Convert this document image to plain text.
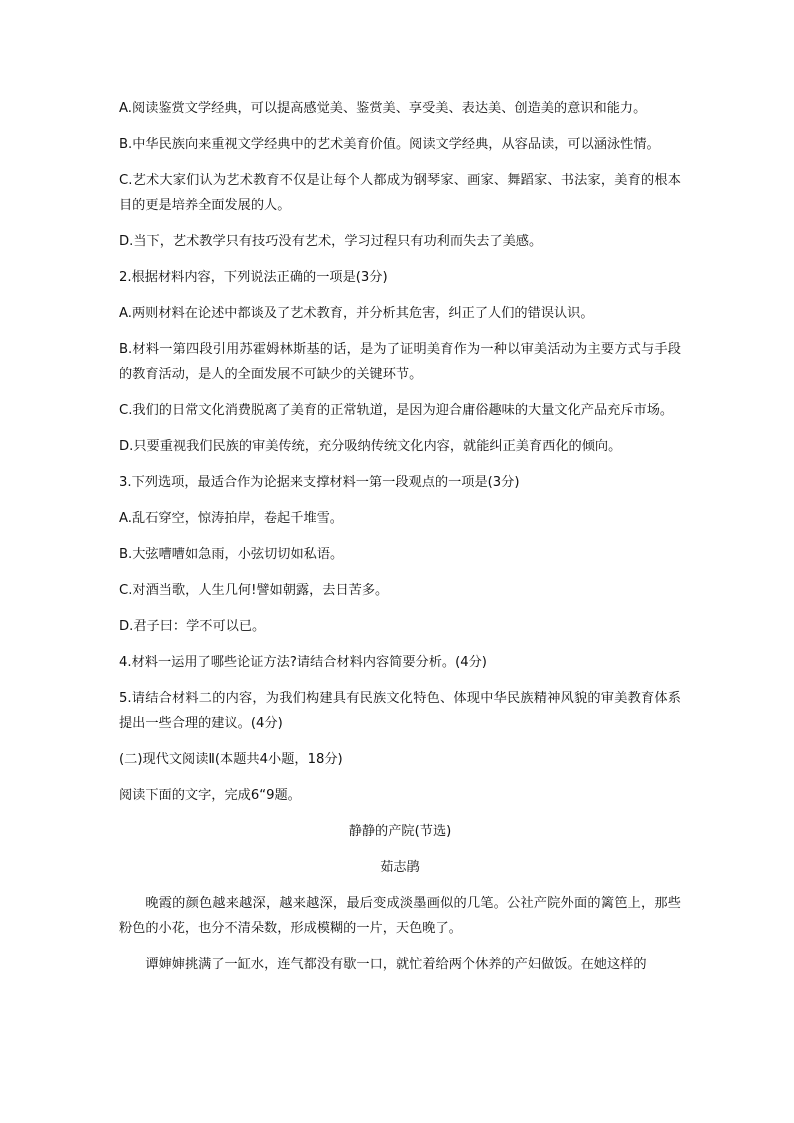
A.阅读鉴赏文学经典，可以提高感觉美、鉴赏美、享受美、表达美、创造美的意识和能力。

B.中华民族向来重视文学经典中的艺术美育价值。阅读文学经典，从容品读，可以涵泳性情。

C.艺术大家们认为艺术教育不仅是让每个人都成为钢琴家、画家、舞蹈家、书法家，美育的根本目的更是培养全面发展的人。

D.当下，艺术教学只有技巧没有艺术，学习过程只有功利而失去了美感。

2.根据材料内容，下列说法正确的一项是(3分)

A.两则材料在论述中都谈及了艺术教育，并分析其危害，纠正了人们的错误认识。

B.材料一第四段引用苏霍姆林斯基的话，是为了证明美育作为一种以审美活动为主要方式与手段的教育活动，是人的全面发展不可缺少的关键环节。

C.我们的日常文化消费脱离了美育的正常轨道，是因为迎合庸俗趣味的大量文化产品充斥市场。

D.只要重视我们民族的审美传统，充分吸纳传统文化内容，就能纠正美育西化的倾向。

3.下列选项，最适合作为论据来支撑材料一第一段观点的一项是(3分)

A.乱石穿空，惊涛拍岸，卷起千堆雪。

B.大弦嘈嘈如急雨，小弦切切如私语。

C.对酒当歌，人生几何!譬如朝露，去日苦多。

D.君子曰：学不可以已。

4.材料一运用了哪些论证方法?请结合材料内容简要分析。(4分)

5.请结合材料二的内容，为我们构建具有民族文化特色、体现中华民族精神风貌的审美教育体系提出一些合理的建议。(4分)

(二)现代文阅读Ⅱ(本题共4小题，18分)

阅读下面的文字，完成6“9题。

静静的产院(节选)

茹志鹃

晚霞的颜色越来越深，越来越深，最后变成淡墨画似的几笔。公社产院外面的篱笆上，那些粉色的小花，也分不清朵数，形成模糊的一片，天色晚了。

谭婶婶挑满了一缸水，连气都没有歇一口，就忙着给两个休养的产妇做饭。在她这样的
